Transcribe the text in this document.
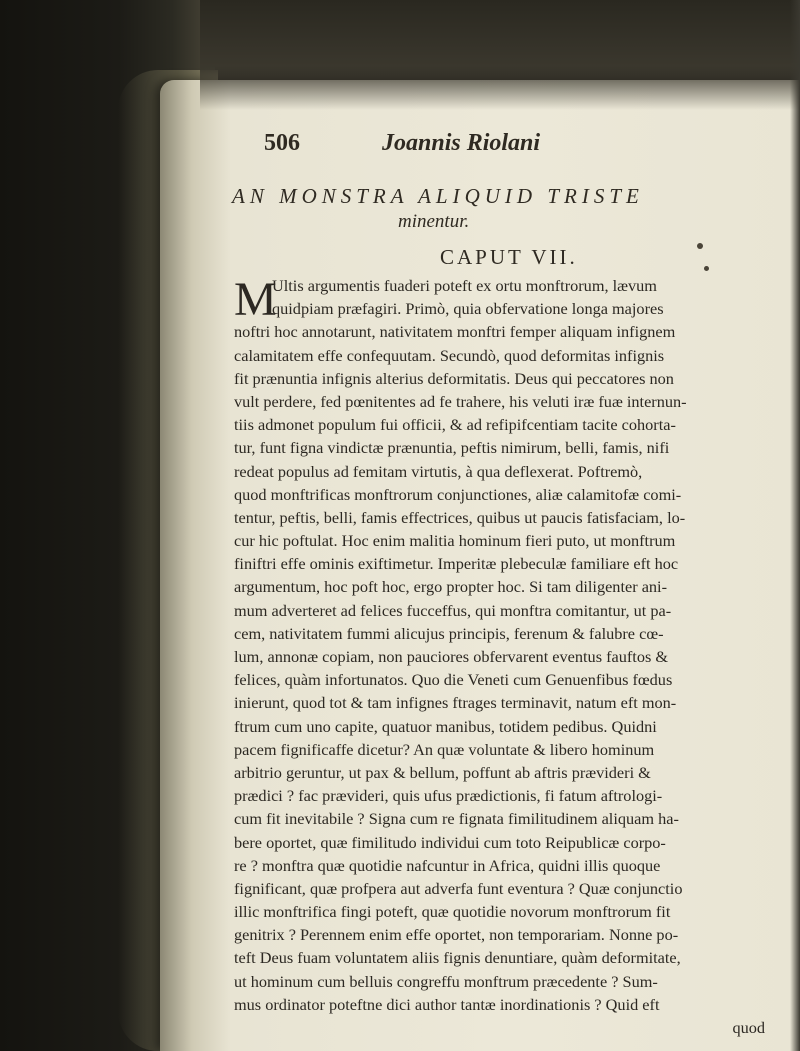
506	Joannis Riolani
AN MONSTRA ALIQUID TRISTE
minentur.
CAPUT VII.
M
Ultis argumentis fuaderi poteft ex ortu monftrorum, lævum
quidpiam præfagiri. Primò, quia obfervatione longa majores
noftri hoc annotarunt, nativitatem monftri femper aliquam infignem
calamitatem effe confequutam. Secundò, quod deformitas infignis
fit prænuntia infignis alterius deformitatis. Deus qui peccatores non
vult perdere, fed pœnitentes ad fe trahere, his veluti iræ fuæ internun-
tiis admonet populum fui officii, & ad refipifcentiam tacite cohorta-
tur, funt figna vindictæ prænuntia, peftis nimirum, belli, famis, nifi
redeat populus ad femitam virtutis, à qua deflexerat. Poftremò,
quod monftrificas monftrorum conjunctiones, aliæ calamitofæ comi-
tentur, peftis, belli, famis effectrices, quibus ut paucis fatisfaciam, lo-
cur hic poftulat. Hoc enim malitia hominum fieri puto, ut monftrum
finiftri effe ominis exiftimetur. Imperitæ plebeculæ familiare eft hoc
argumentum, hoc poft hoc, ergo propter hoc. Si tam diligenter ani-
mum adverteret ad felices fucceffus, qui monftra comitantur, ut pa-
cem, nativitatem fummi alicujus principis, ferenum & falubre cœ-
lum, annonæ copiam, non pauciores obfervarent eventus fauftos &
felices, quàm infortunatos. Quo die Veneti cum Genuenfibus fœdus
inierunt, quod tot & tam infignes ftrages terminavit, natum eft mon-
ftrum cum uno capite, quatuor manibus, totidem pedibus. Quidni
pacem fignificaffe dicetur? An quæ voluntate & libero hominum
arbitrio geruntur, ut pax & bellum, poffunt ab aftris prævideri &
prædici ? fac prævideri, quis ufus prædictionis, fi fatum aftrologi-
cum fit inevitabile ? Signa cum re fignata fimilitudinem aliquam ha-
bere oportet, quæ fimilitudo individui cum toto Reipublicæ corpo-
re ? monftra quæ quotidie nafcuntur in Africa, quidni illis quoque
fignificant, quæ profpera aut adverfa funt eventura ? Quæ conjunctio
illic monftrifica fingi poteft, quæ quotidie novorum monftrorum fit
genitrix ? Perennem enim effe oportet, non temporariam. Nonne po-
teft Deus fuam voluntatem aliis fignis denuntiare, quàm deformitate,
ut hominum cum belluis congreffu monftrum præcedente ? Sum-
mus ordinator poteftne dici author tantæ inordinationis ? Quid eft
quod
